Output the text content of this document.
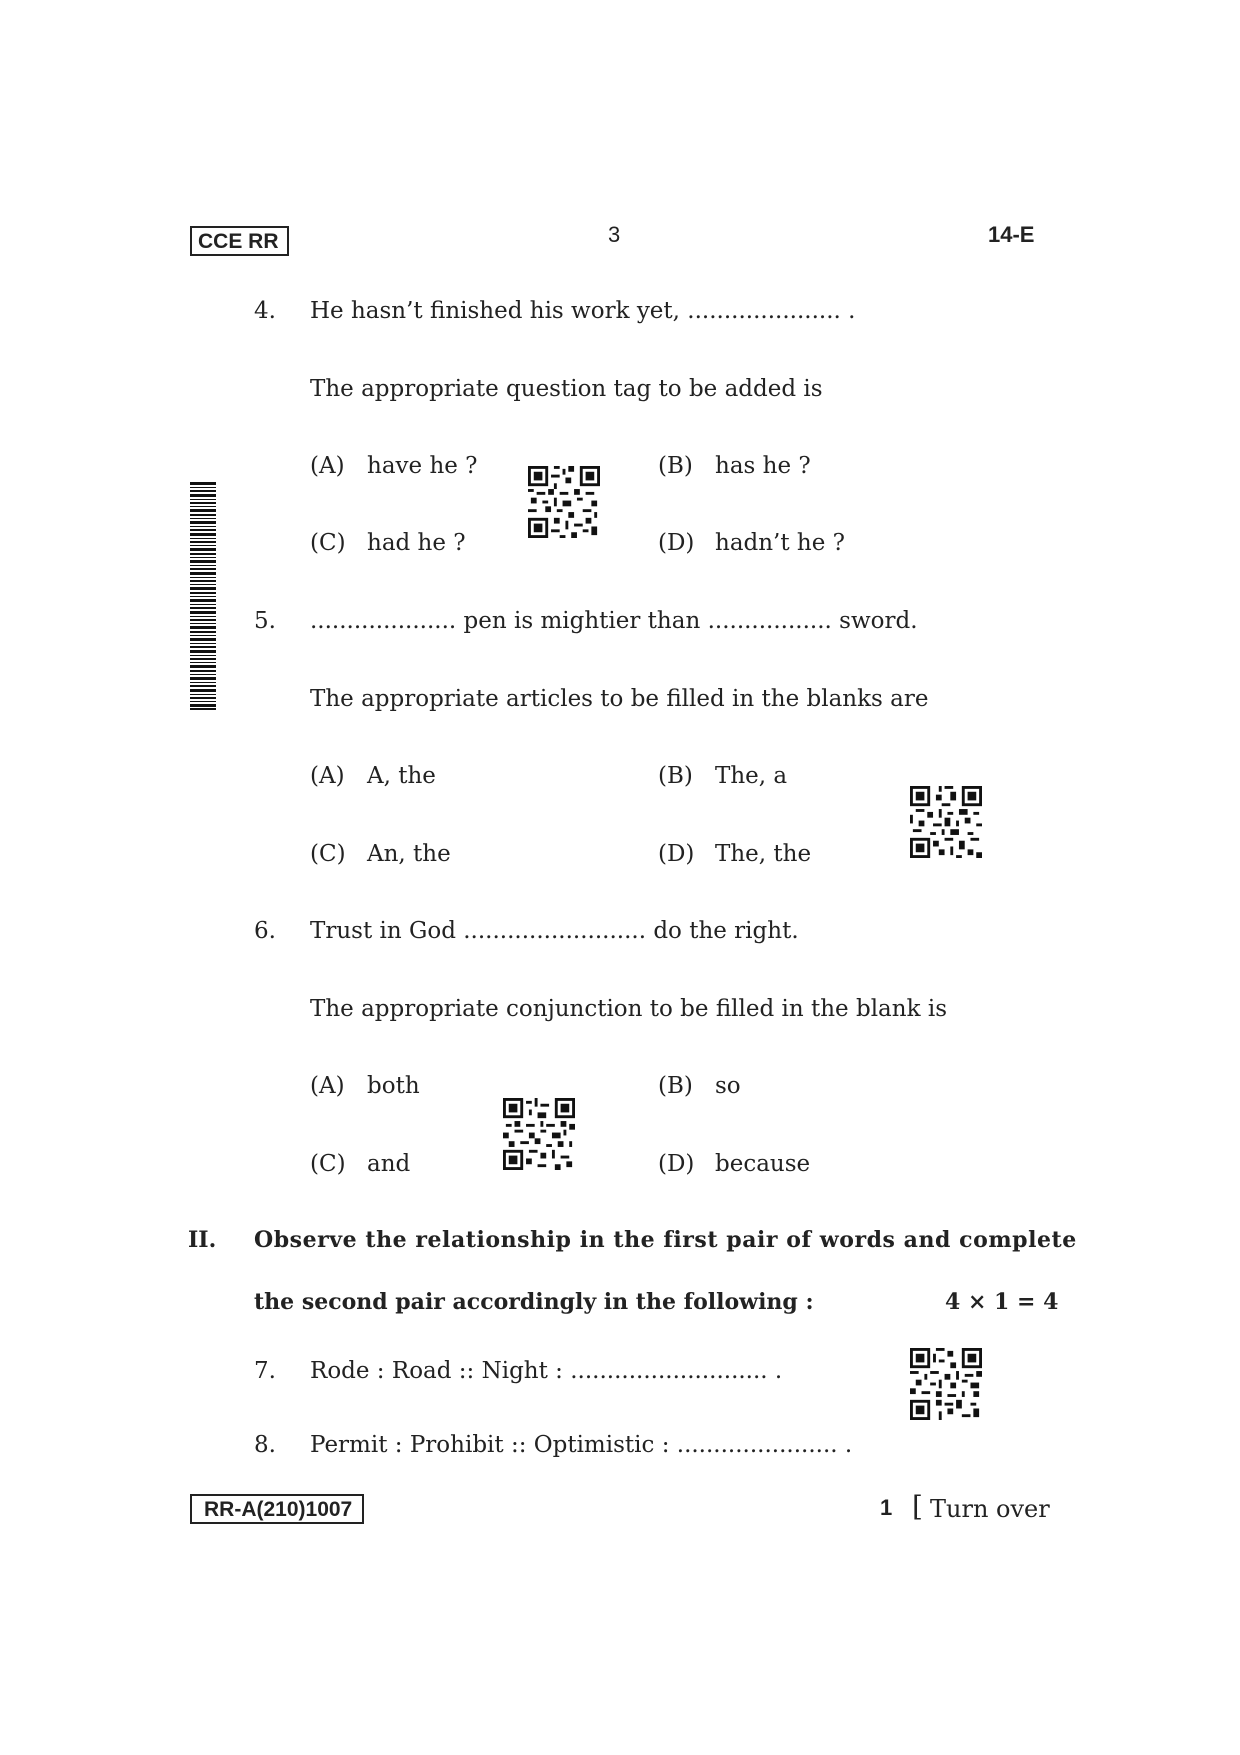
CCE RR	3	14-E
4. He hasn’t finished his work yet, ..................... .
The appropriate question tag to be added is
(A) have he ?	(B) has he ?
(C) had he ?	(D) hadn’t he ?
5. .................... pen is mightier than ................. sword.
The appropriate articles to be filled in the blanks are
(A) A, the	(B) The, a
(C) An, the	(D) The, the
6. Trust in God ......................... do the right.
The appropriate conjunction to be filled in the blank is
(A) both	(B) so
(C) and	(D) because
II. Observe the relationship in the first pair of words and complete
the second pair accordingly in the following :	4 × 1 = 4
7. Rode : Road :: Night : ........................... .
8. Permit : Prohibit :: Optimistic : ...................... .
RR-A(210)1007	1 [ Turn over
